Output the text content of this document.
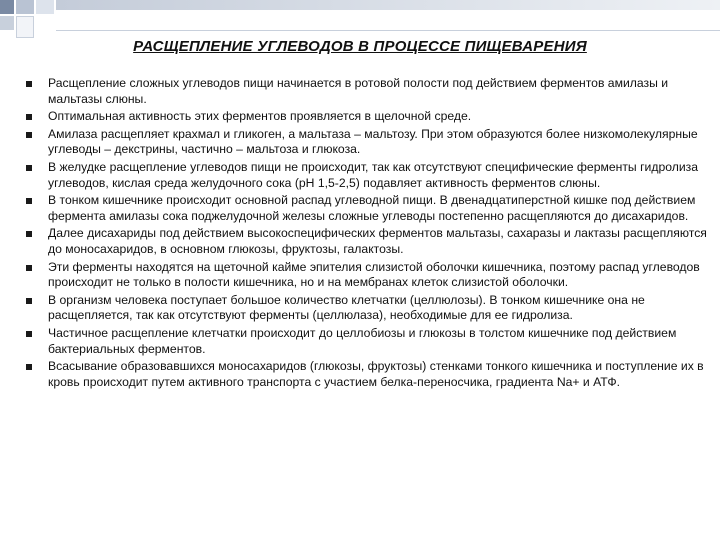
РАСЩЕПЛЕНИЕ УГЛЕВОДОВ В ПРОЦЕССЕ ПИЩЕВАРЕНИЯ
Расщепление сложных углеводов пищи начинается в ротовой полости под действием ферментов амилазы и мальтазы слюны.
Оптимальная активность этих ферментов проявляется в щелочной среде.
Амилаза расщепляет крахмал и гликоген, а мальтаза – мальтозу. При этом образуются более низкомолекулярные углеводы – декстрины, частично – мальтоза и глюкоза.
В желудке расщепление углеводов пищи не происходит, так как отсутствуют специфические ферменты гидролиза углеводов, кислая среда желудочного сока (pH 1,5-2,5) подавляет активность ферментов слюны.
В тонком кишечнике происходит основной распад углеводной пищи. В двенадцатиперстной кишке под действием фермента амилазы сока поджелудочной железы сложные углеводы постепенно расщепляются до дисахаридов.
Далее дисахариды под действием высокоспецифических ферментов мальтазы, сахаразы и лактазы расщепляются до моносахаридов, в основном глюкозы, фруктозы, галактозы.
Эти ферменты находятся на щеточной кайме эпителия слизистой оболочки кишечника, поэтому распад углеводов происходит не только в полости кишечника, но и на мембранах клеток слизистой оболочки.
В организм человека поступает большое количество клетчатки (целлюлозы). В тонком кишечнике она не расщепляется, так как отсутствуют ферменты (целлюлаза), необходимые для ее гидролиза.
Частичное расщепление клетчатки происходит до целлобиозы и глюкозы в толстом кишечнике под действием бактериальных ферментов.
Всасывание образовавшихся моносахаридов (глюкозы, фруктозы) стенками тонкого кишечника и поступление их в кровь происходит путем активного транспорта с участием белка-переносчика, градиента Na+ и АТФ.
